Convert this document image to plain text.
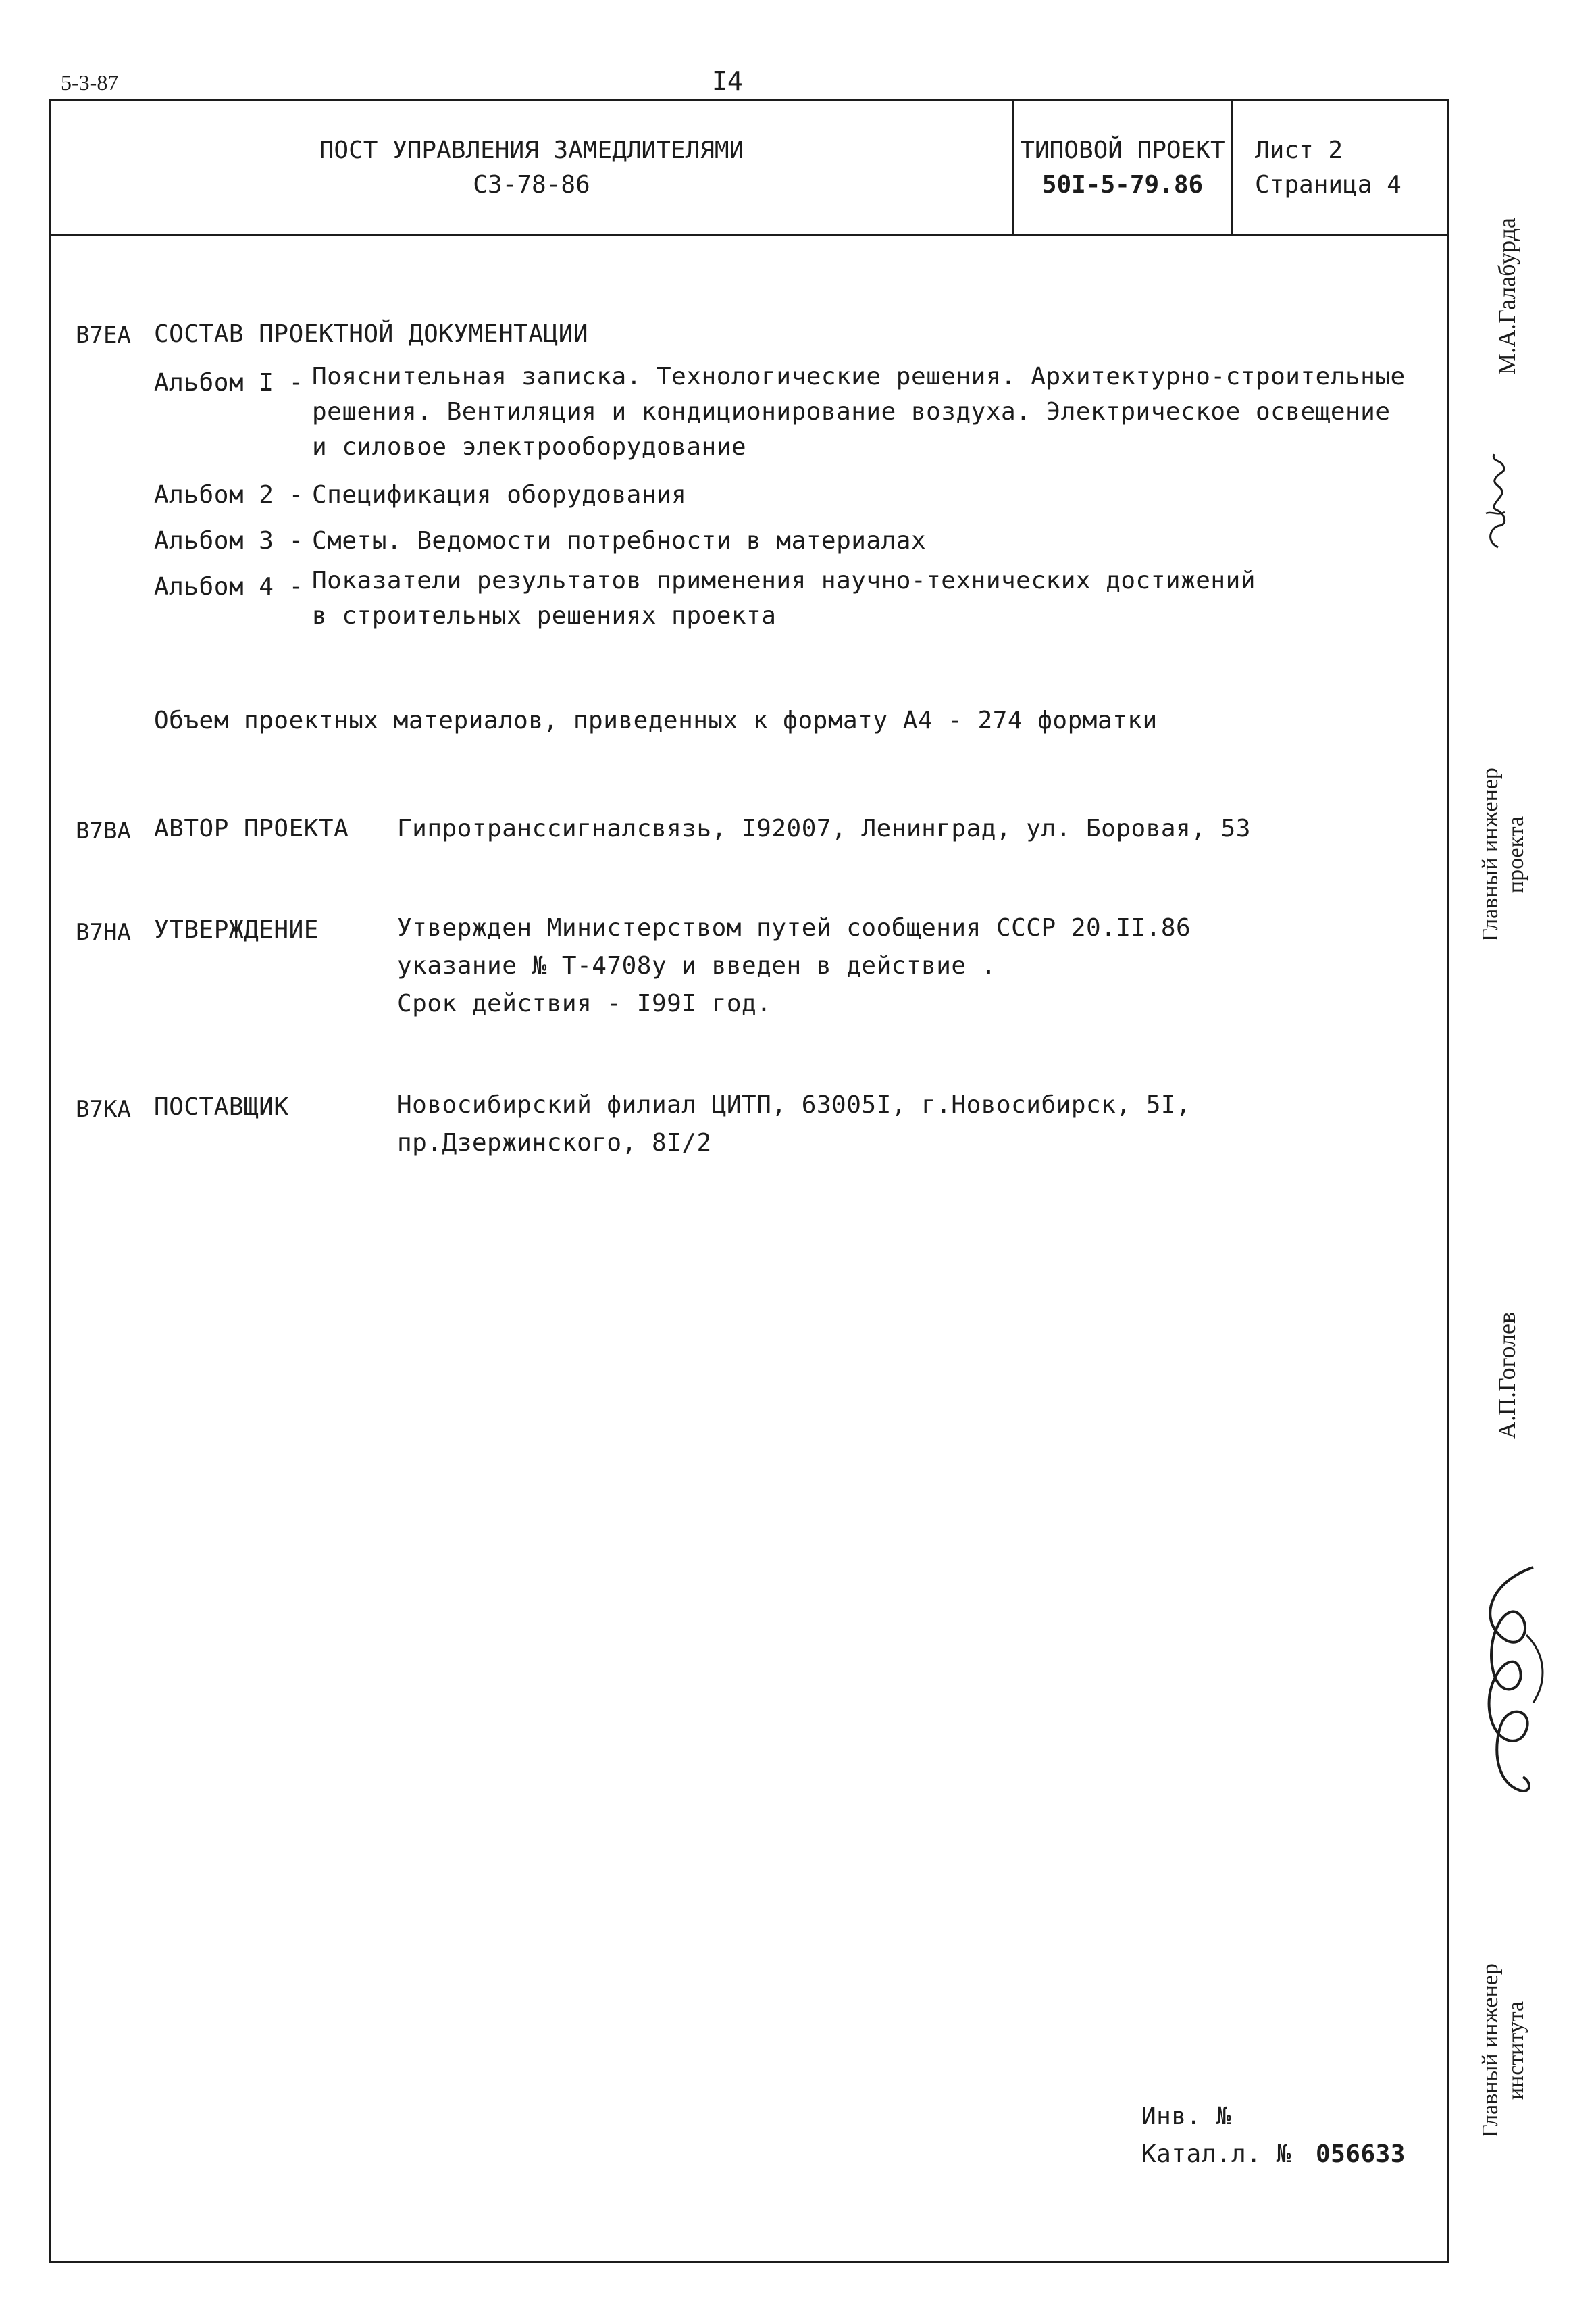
5-3-87	I4
ПОСТ УПРАВЛЕНИЯ ЗАМЕДЛИТЕЛЯМИ
СЗ-78-86
ТИПОВОЙ ПРОЕКТ
50I-5-79.86
Лист 2
Страница 4
В7ЕА СОСТАВ ПРОЕКТНОЙ ДОКУМЕНТАЦИИ
Альбом I - Пояснительная записка. Технологические решения. Архитектурно-строительные
решения. Вентиляция и кондиционирование воздуха. Электрическое освещение
и силовое электрооборудование
Альбом 2 - Спецификация оборудования
Альбом 3 - Сметы. Ведомости потребности в материалах
Альбом 4 - Показатели результатов применения научно-технических достижений
в строительных решениях проекта
Объем проектных материалов, приведенных к формату А4 - 274 форматки
В7ВА АВТОР ПРОЕКТА Гипротранссигналсвязь, I92007, Ленинград, ул. Боровая, 53
В7НА УТВЕРЖДЕНИЕ	Утвержден Министерством путей сообщения СССР 20.II.86
указание № Т-4708у и введен в действие .
Срок действия - I99I год.
В7КА ПОСТАВЩИК	Новосибирский филиал ЦИТП, 63005I, г.Новосибирск, 5I,
пр.Дзержинского, 8I/2
Инв. №
Катал.л. № 056633
М.А.Галабурда
Главный инженер проекта
А.П.Гоголев
Главный инженер института
